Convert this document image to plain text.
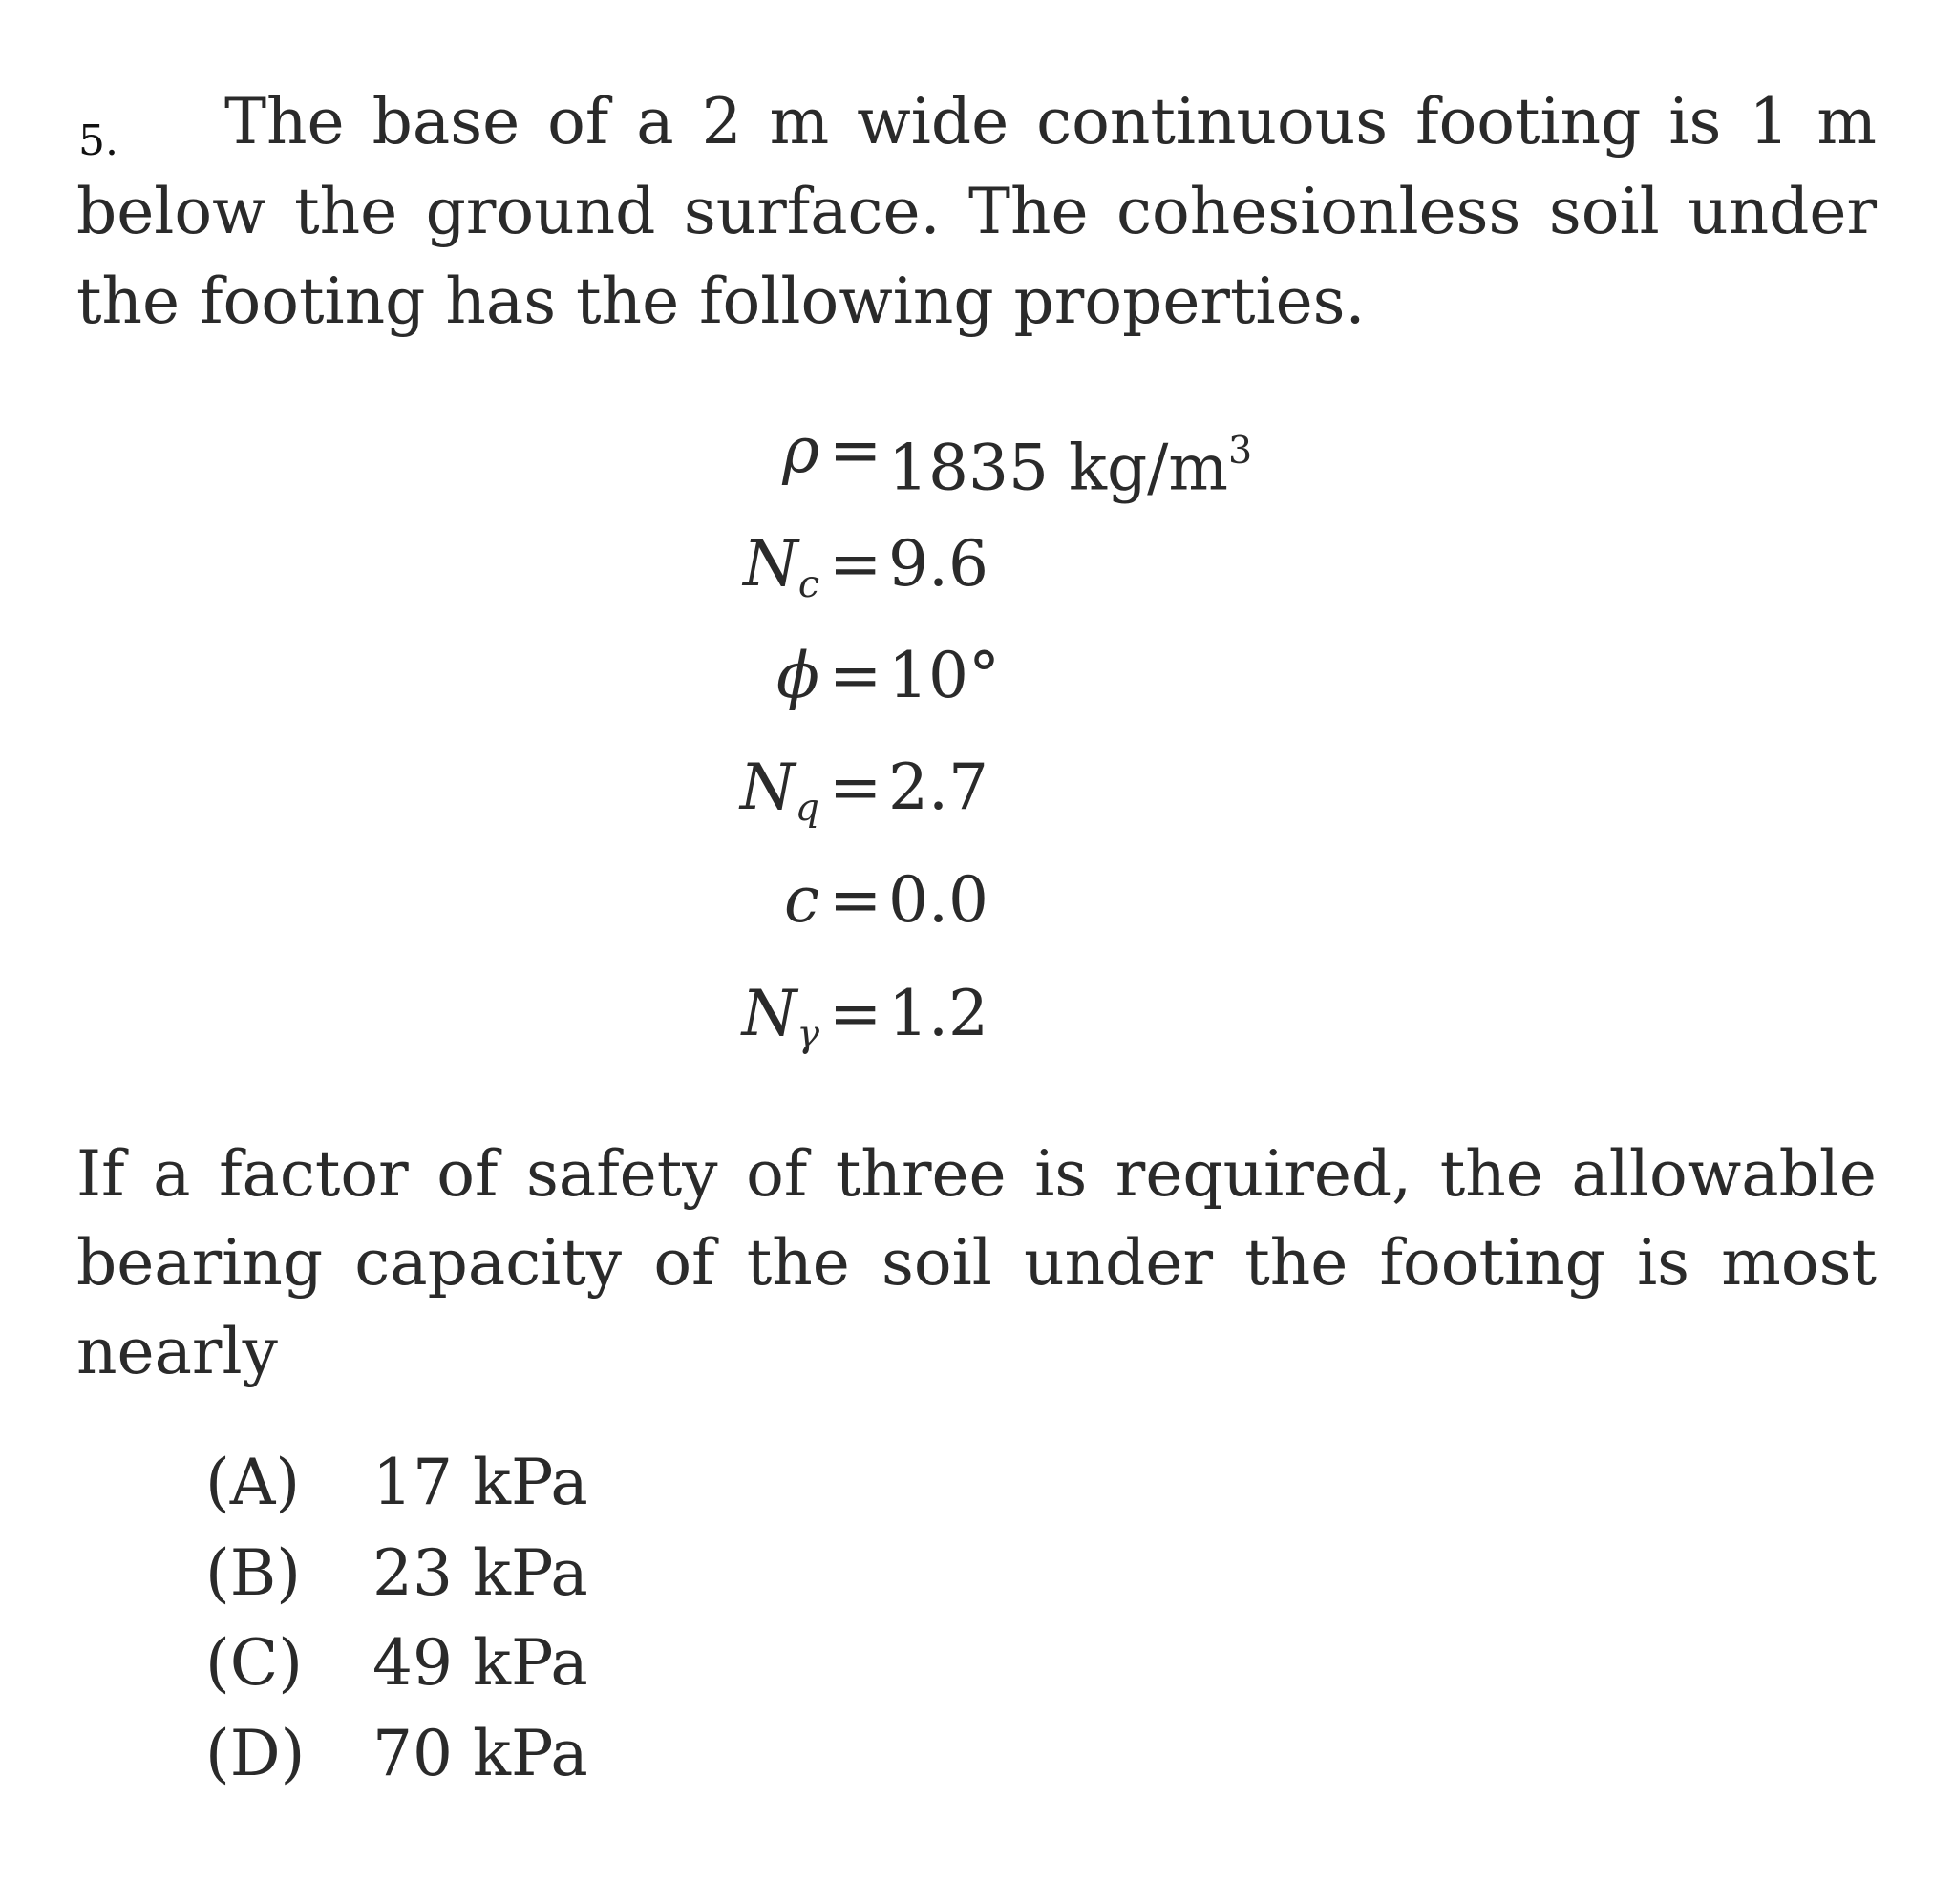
5. The base of a 2 m wide continuous footing is 1 m
below the ground surface. The cohesionless soil under
the footing has the following properties.
ρ = 1835 $kg/m^3$
$N_c = 9.6$
ϕ = 10°
$N_q = 2.7$
c = 0.0
$N_\gamma = 1.2$
If a factor of safety of three is required, the allowable
bearing capacity of the soil under the footing is most
nearly
(A) 17 kPa
(B) 23 kPa
(C) 49 kPa
(D) 70 kPa
